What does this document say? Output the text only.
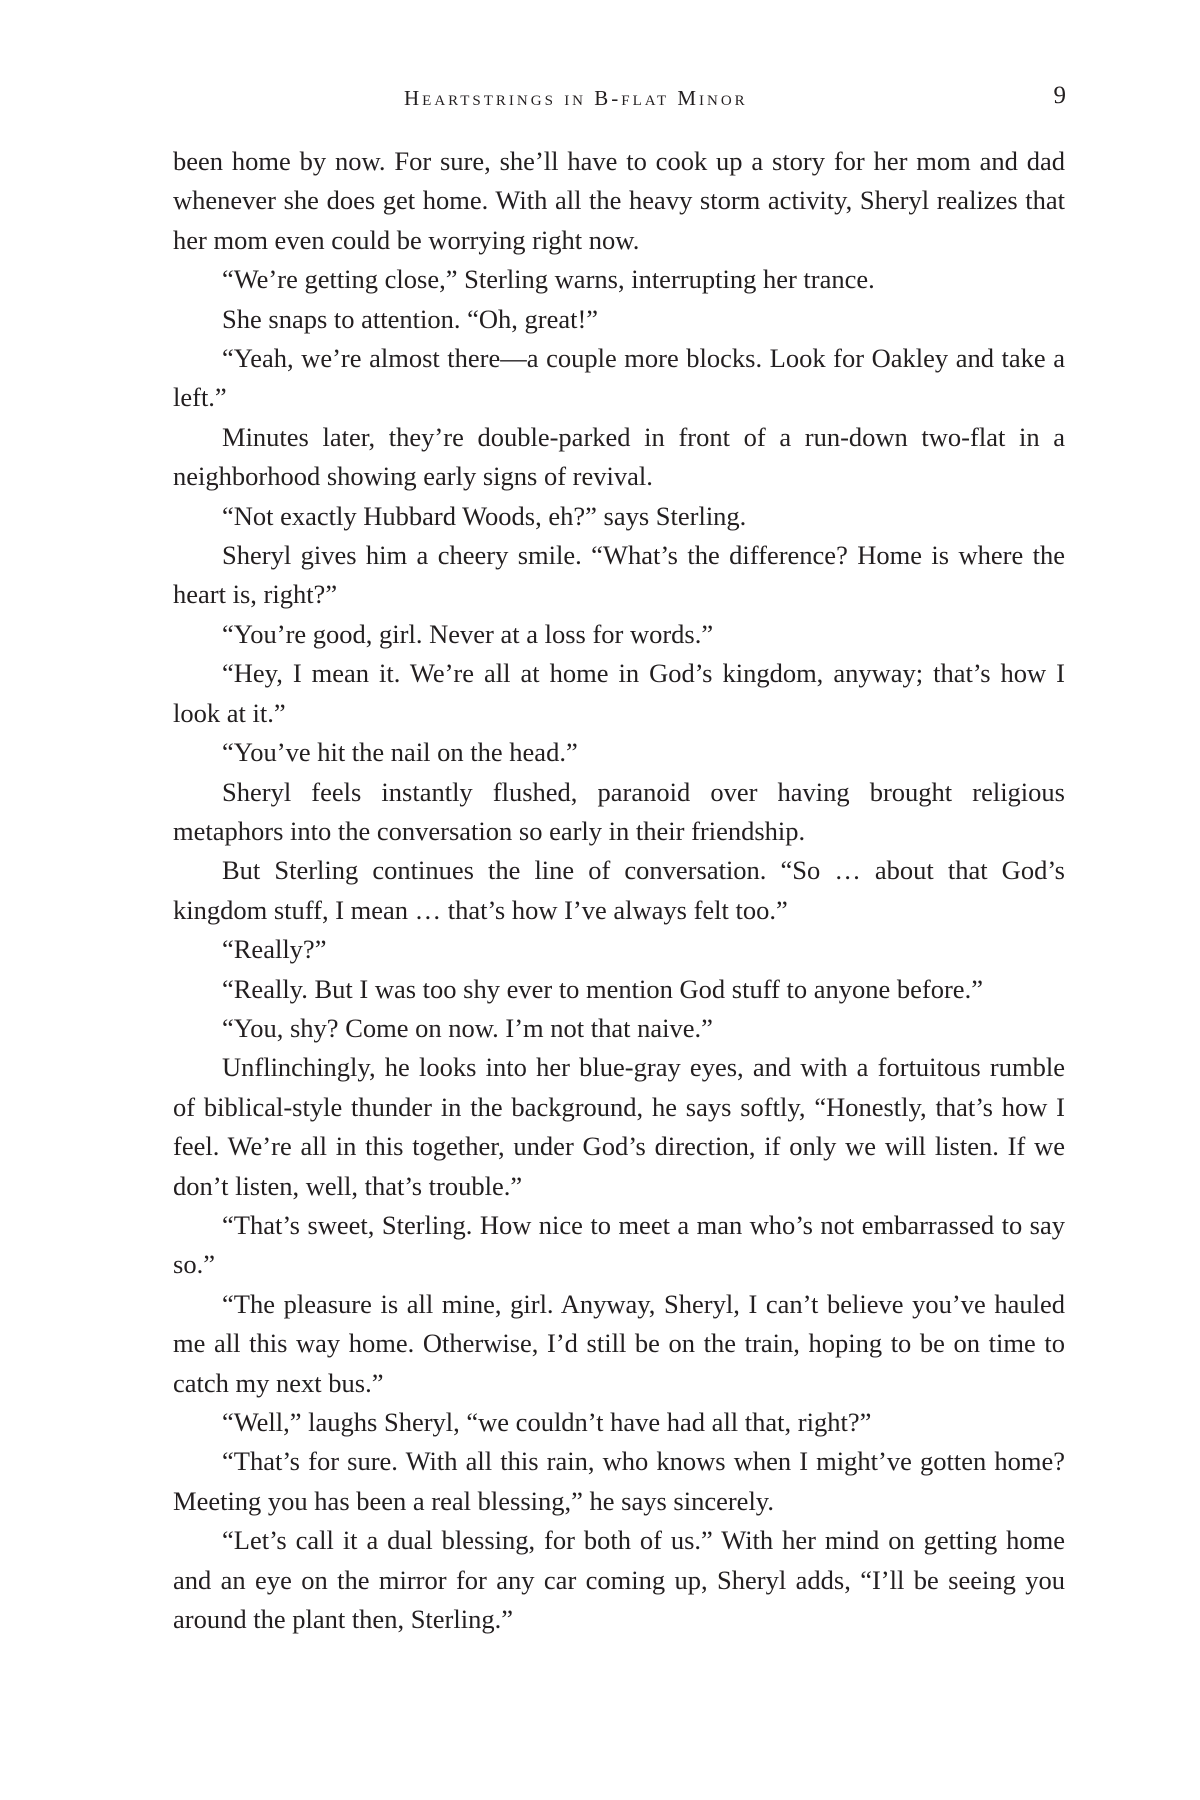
Heartstrings in B-flat Minor	9

been home by now. For sure, she’ll have to cook up a story for her mom and dad whenever she does get home. With all the heavy storm activity, Sheryl realizes that her mom even could be worrying right now.

“We’re getting close,” Sterling warns, interrupting her trance.

She snaps to attention. “Oh, great!”

“Yeah, we’re almost there—a couple more blocks. Look for Oakley and take a left.”

Minutes later, they’re double-parked in front of a run-down two-flat in a neighborhood showing early signs of revival.

“Not exactly Hubbard Woods, eh?” says Sterling.

Sheryl gives him a cheery smile. “What’s the difference? Home is where the heart is, right?”

“You’re good, girl. Never at a loss for words.”

“Hey, I mean it. We’re all at home in God’s kingdom, anyway; that’s how I look at it.”

“You’ve hit the nail on the head.”

Sheryl feels instantly flushed, paranoid over having brought religious metaphors into the conversation so early in their friendship.

But Sterling continues the line of conversation. “So … about that God’s kingdom stuff, I mean … that’s how I’ve always felt too.”

“Really?”

“Really. But I was too shy ever to mention God stuff to anyone before.”

“You, shy? Come on now. I’m not that naive.”

Unflinchingly, he looks into her blue-gray eyes, and with a fortuitous rumble of biblical-style thunder in the background, he says softly, “Honestly, that’s how I feel. We’re all in this together, under God’s direction, if only we will listen. If we don’t listen, well, that’s trouble.”

“That’s sweet, Sterling. How nice to meet a man who’s not embarrassed to say so.”

“The pleasure is all mine, girl. Anyway, Sheryl, I can’t believe you’ve hauled me all this way home. Otherwise, I’d still be on the train, hoping to be on time to catch my next bus.”

“Well,” laughs Sheryl, “we couldn’t have had all that, right?”

“That’s for sure. With all this rain, who knows when I might’ve gotten home? Meeting you has been a real blessing,” he says sincerely.

“Let’s call it a dual blessing, for both of us.” With her mind on getting home and an eye on the mirror for any car coming up, Sheryl adds, “I’ll be seeing you around the plant then, Sterling.”
